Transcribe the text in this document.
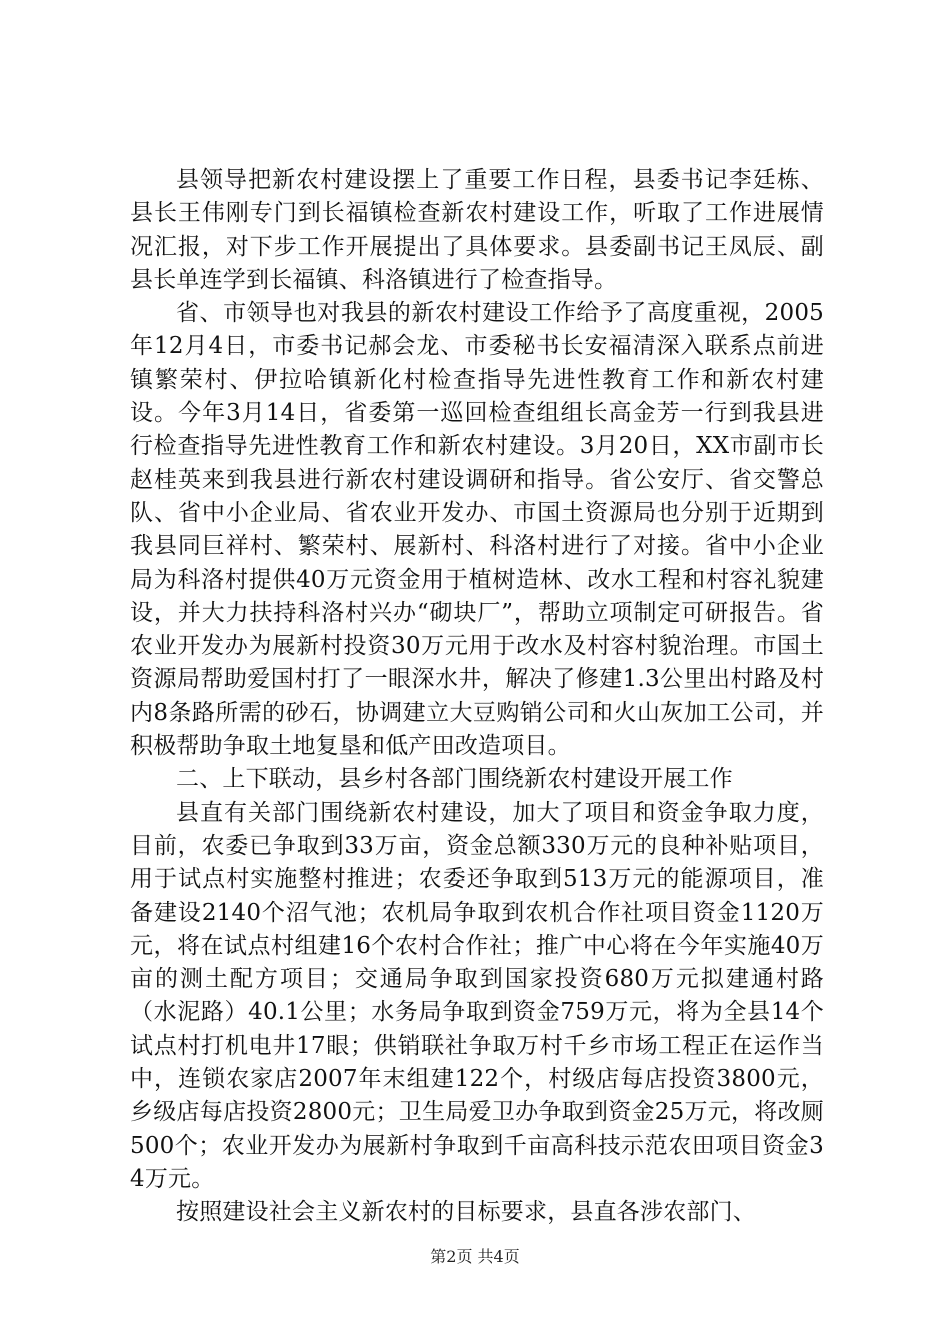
县领导把新农村建设摆上了重要工作日程，县委书记李廷栋、县长王伟刚专门到长福镇检查新农村建设工作，听取了工作进展情况汇报，对下步工作开展提出了具体要求。县委副书记王凤辰、副县长单连学到长福镇、科洛镇进行了检查指导。

省、市领导也对我县的新农村建设工作给予了高度重视，2005年12月4日，市委书记郝会龙、市委秘书长安福清深入联系点前进镇繁荣村、伊拉哈镇新化村检查指导先进性教育工作和新农村建设。今年3月14日，省委第一巡回检查组组长高金芳一行到我县进行检查指导先进性教育工作和新农村建设。3月20日，XX市副市长赵桂英来到我县进行新农村建设调研和指导。省公安厅、省交警总队、省中小企业局、省农业开发办、市国土资源局也分别于近期到我县同巨祥村、繁荣村、展新村、科洛村进行了对接。省中小企业局为科洛村提供40万元资金用于植树造林、改水工程和村容礼貌建设，并大力扶持科洛村兴办“砌块厂”，帮助立项制定可研报告。省农业开发办为展新村投资30万元用于改水及村容村貌治理。市国土资源局帮助爱国村打了一眼深水井，解决了修建1.3公里出村路及村内8条路所需的砂石，协调建立大豆购销公司和火山灰加工公司，并积极帮助争取土地复垦和低产田改造项目。

二、上下联动，县乡村各部门围绕新农村建设开展工作

县直有关部门围绕新农村建设，加大了项目和资金争取力度，目前，农委已争取到33万亩，资金总额330万元的良种补贴项目，用于试点村实施整村推进；农委还争取到513万元的能源项目，准备建设2140个沼气池；农机局争取到农机合作社项目资金1120万元，将在试点村组建16个农村合作社；推广中心将在今年实施40万亩的测土配方项目；交通局争取到国家投资680万元拟建通村路（水泥路）40.1公里；水务局争取到资金759万元，将为全县14个试点村打机电井17眼；供销联社争取万村千乡市场工程正在运作当中，连锁农家店2007年末组建122个，村级店每店投资3800元，乡级店每店投资2800元；卫生局爱卫办争取到资金25万元，将改厕500个；农业开发办为展新村争取到千亩高科技示范农田项目资金34万元。

按照建设社会主义新农村的目标要求，县直各涉农部门、

第2页 共4页
